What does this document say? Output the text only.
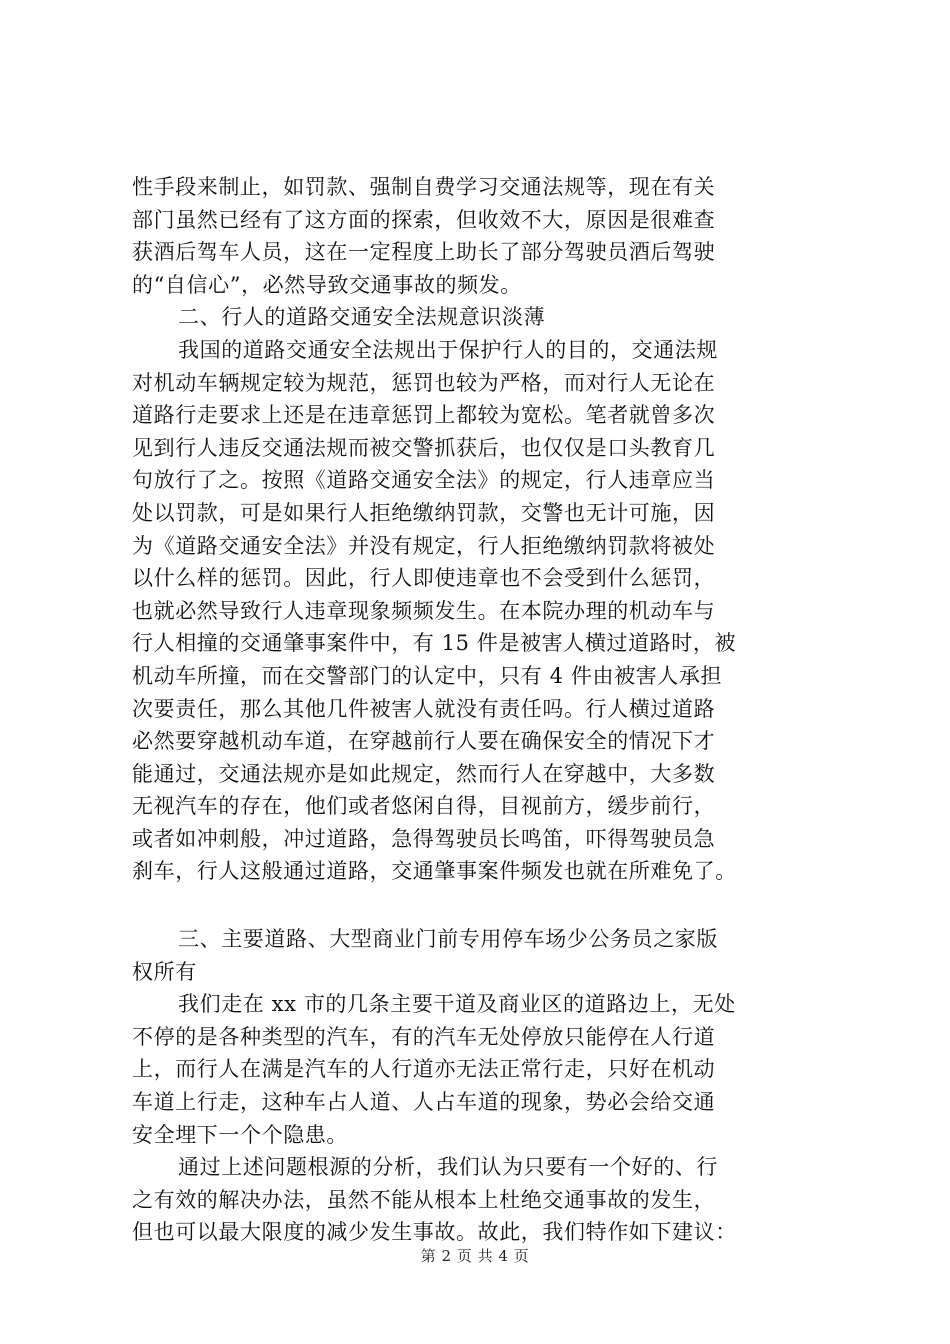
性手段来制止，如罚款、强制自费学习交通法规等，现在有关
部门虽然已经有了这方面的探索，但收效不大，原因是很难查
获酒后驾车人员，这在一定程度上助长了部分驾驶员酒后驾驶
的“自信心”，必然导致交通事故的频发。
二、行人的道路交通安全法规意识淡薄
我国的道路交通安全法规出于保护行人的目的，交通法规
对机动车辆规定较为规范，惩罚也较为严格，而对行人无论在
道路行走要求上还是在违章惩罚上都较为宽松。笔者就曾多次
见到行人违反交通法规而被交警抓获后，也仅仅是口头教育几
句放行了之。按照《道路交通安全法》的规定，行人违章应当
处以罚款，可是如果行人拒绝缴纳罚款，交警也无计可施，因
为《道路交通安全法》并没有规定，行人拒绝缴纳罚款将被处
以什么样的惩罚。因此，行人即使违章也不会受到什么惩罚，
也就必然导致行人违章现象频频发生。在本院办理的机动车与
行人相撞的交通肇事案件中，有 15 件是被害人横过道路时，被
机动车所撞，而在交警部门的认定中，只有 4 件由被害人承担
次要责任，那么其他几件被害人就没有责任吗。行人横过道路
必然要穿越机动车道，在穿越前行人要在确保安全的情况下才
能通过，交通法规亦是如此规定，然而行人在穿越中，大多数
无视汽车的存在，他们或者悠闲自得，目视前方，缓步前行，
或者如冲刺般，冲过道路，急得驾驶员长鸣笛，吓得驾驶员急
刹车，行人这般通过道路，交通肇事案件频发也就在所难免了。
三、主要道路、大型商业门前专用停车场少公务员之家版
权所有
我们走在 xx 市的几条主要干道及商业区的道路边上，无处
不停的是各种类型的汽车，有的汽车无处停放只能停在人行道
上，而行人在满是汽车的人行道亦无法正常行走，只好在机动
车道上行走，这种车占人道、人占车道的现象，势必会给交通
安全埋下一个个隐患。
通过上述问题根源的分析，我们认为只要有一个好的、行
之有效的解决办法，虽然不能从根本上杜绝交通事故的发生，
但也可以最大限度的减少发生事故。故此，我们特作如下建议：
第 2 页 共 4 页
